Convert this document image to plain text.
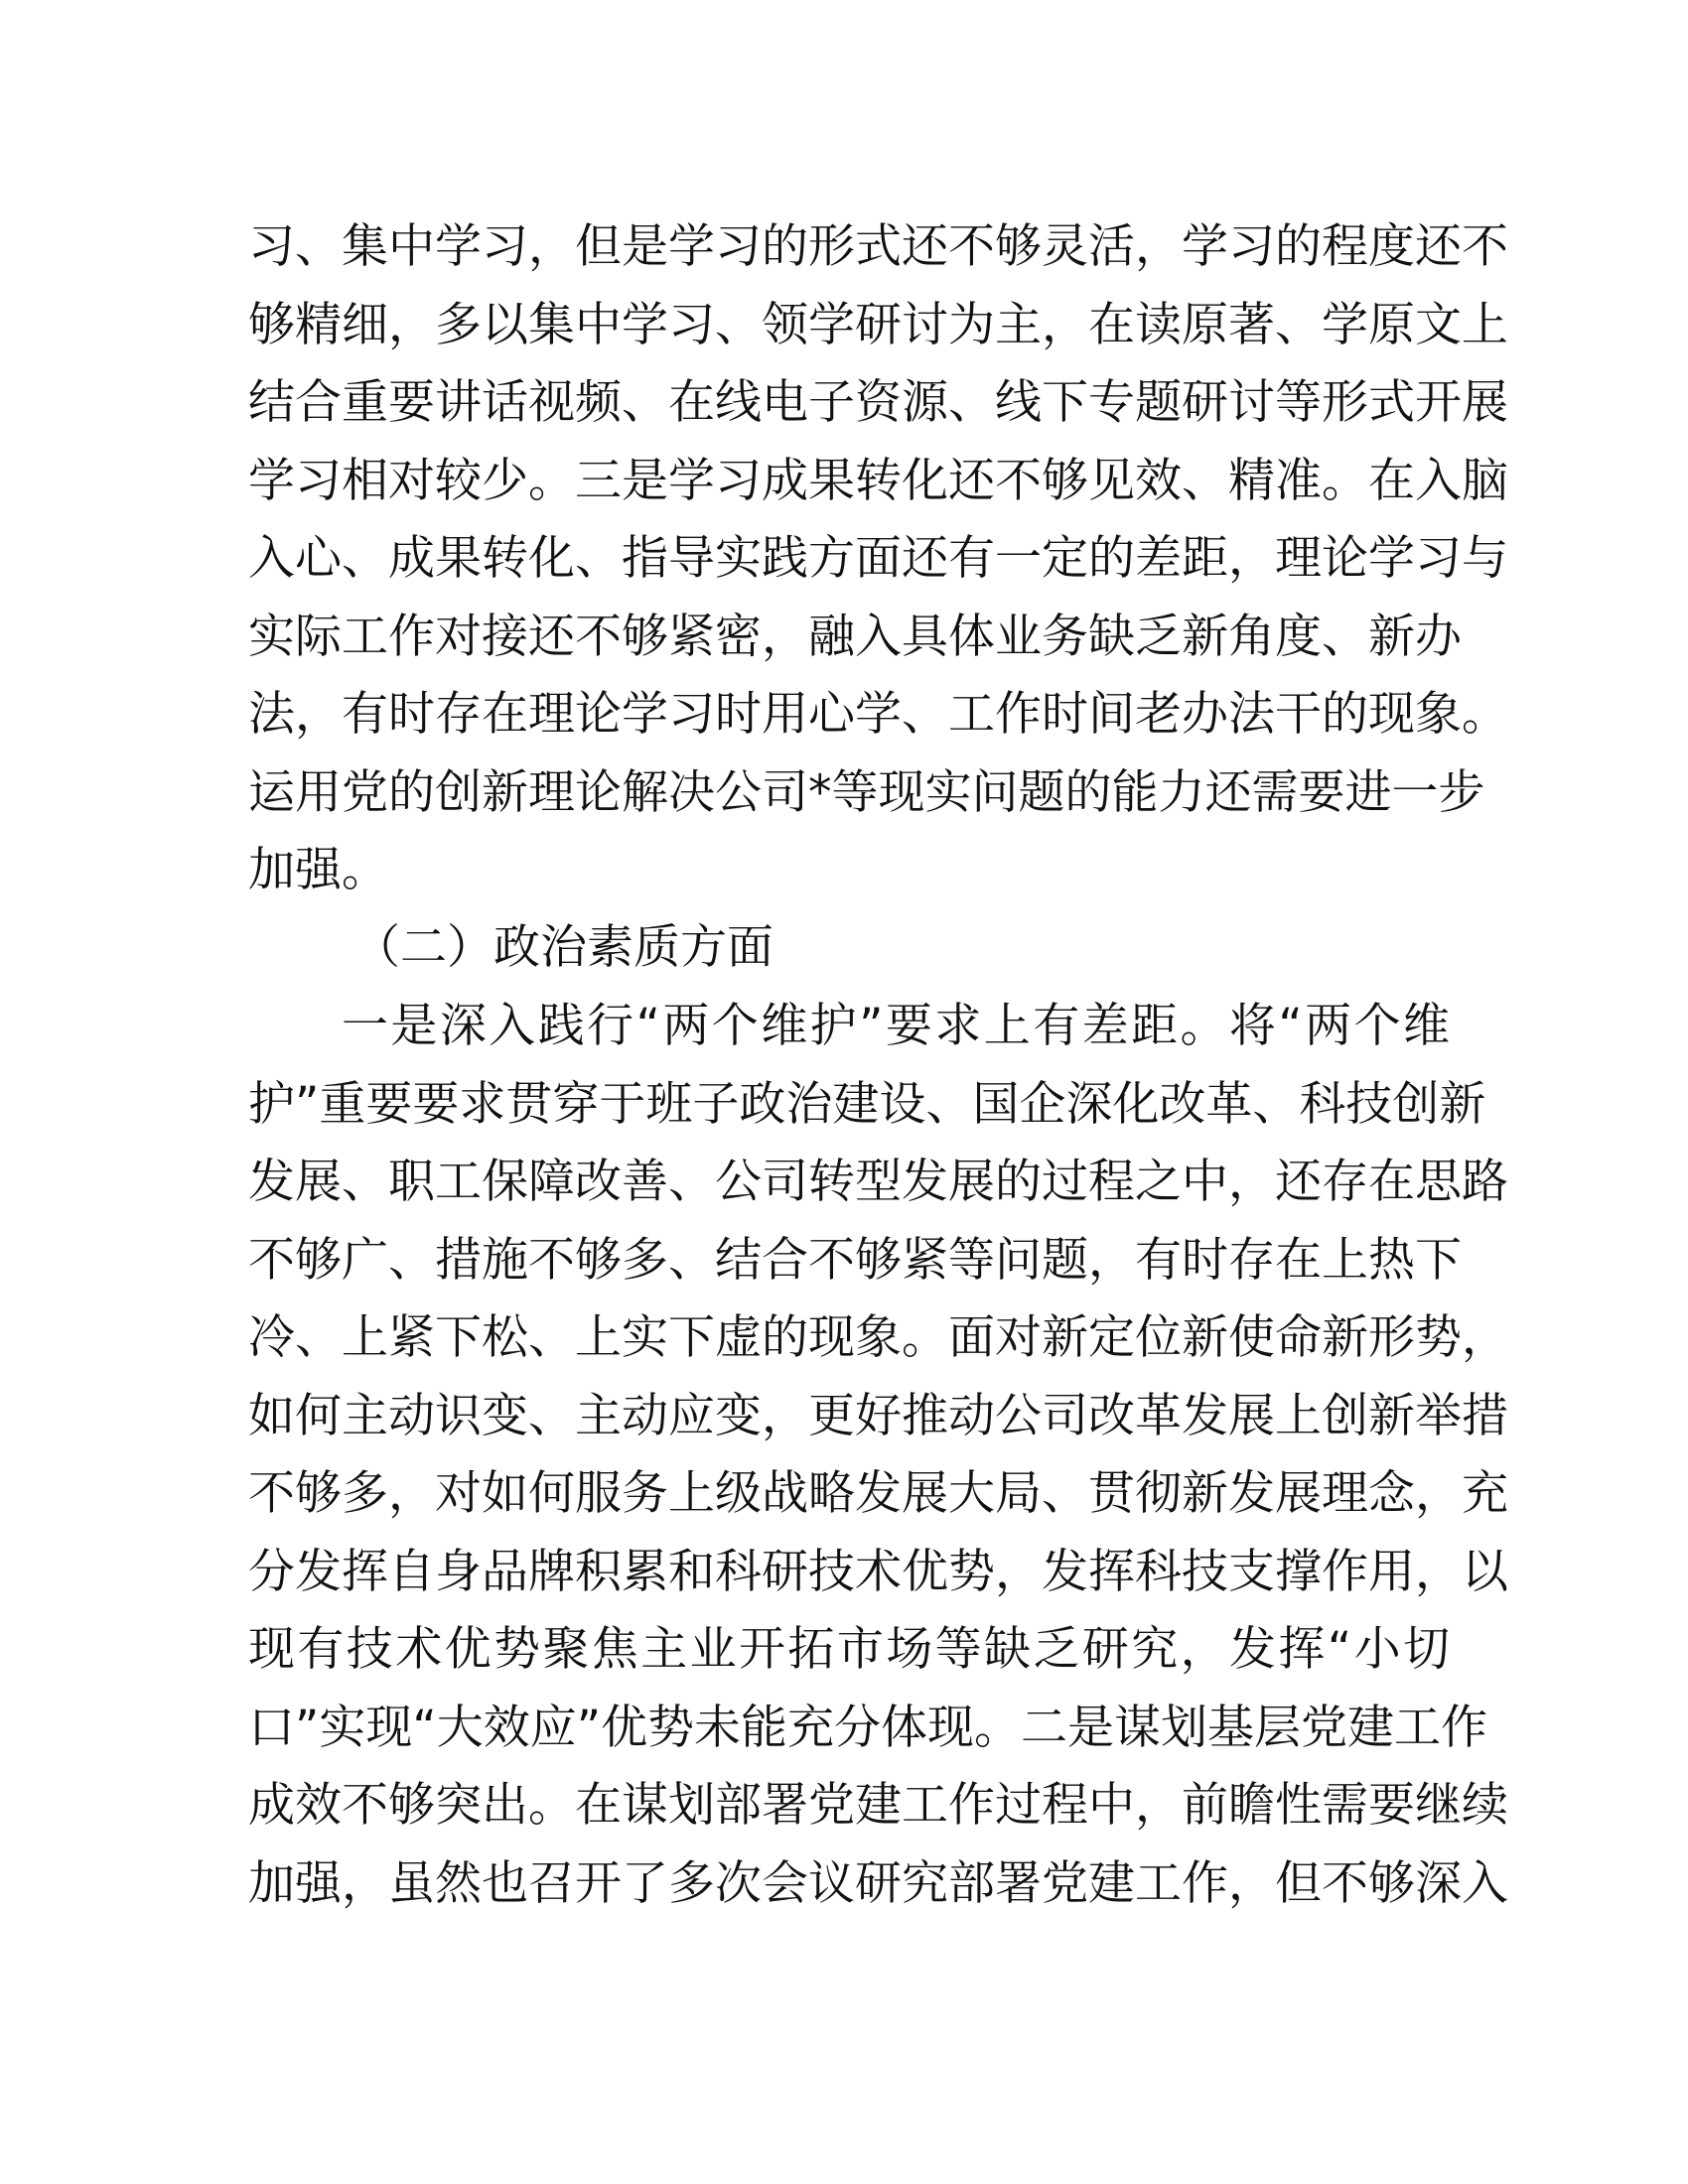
习、集中学习，但是学习的形式还不够灵活，学习的程度还不
够精细，多以集中学习、领学研讨为主，在读原著、学原文上
结合重要讲话视频、在线电子资源、线下专题研讨等形式开展
学习相对较少。三是学习成果转化还不够见效、精准。在入脑
入心、成果转化、指导实践方面还有一定的差距，理论学习与
实际工作对接还不够紧密，融入具体业务缺乏新角度、新办
法，有时存在理论学习时用心学、工作时间老办法干的现象。
运用党的创新理论解决公司*等现实问题的能力还需要进一步
加强。
（二）政治素质方面
一是深入践行“两个维护”要求上有差距。将“两个维
护”重要要求贯穿于班子政治建设、国企深化改革、科技创新
发展、职工保障改善、公司转型发展的过程之中，还存在思路
不够广、措施不够多、结合不够紧等问题，有时存在上热下
冷、上紧下松、上实下虚的现象。面对新定位新使命新形势，
如何主动识变、主动应变，更好推动公司改革发展上创新举措
不够多，对如何服务上级战略发展大局、贯彻新发展理念，充
分发挥自身品牌积累和科研技术优势，发挥科技支撑作用，以
现有技术优势聚焦主业开拓市场等缺乏研究，发挥“小切
口”实现“大效应”优势未能充分体现。二是谋划基层党建工作
成效不够突出。在谋划部署党建工作过程中，前瞻性需要继续
加强，虽然也召开了多次会议研究部署党建工作，但不够深入
